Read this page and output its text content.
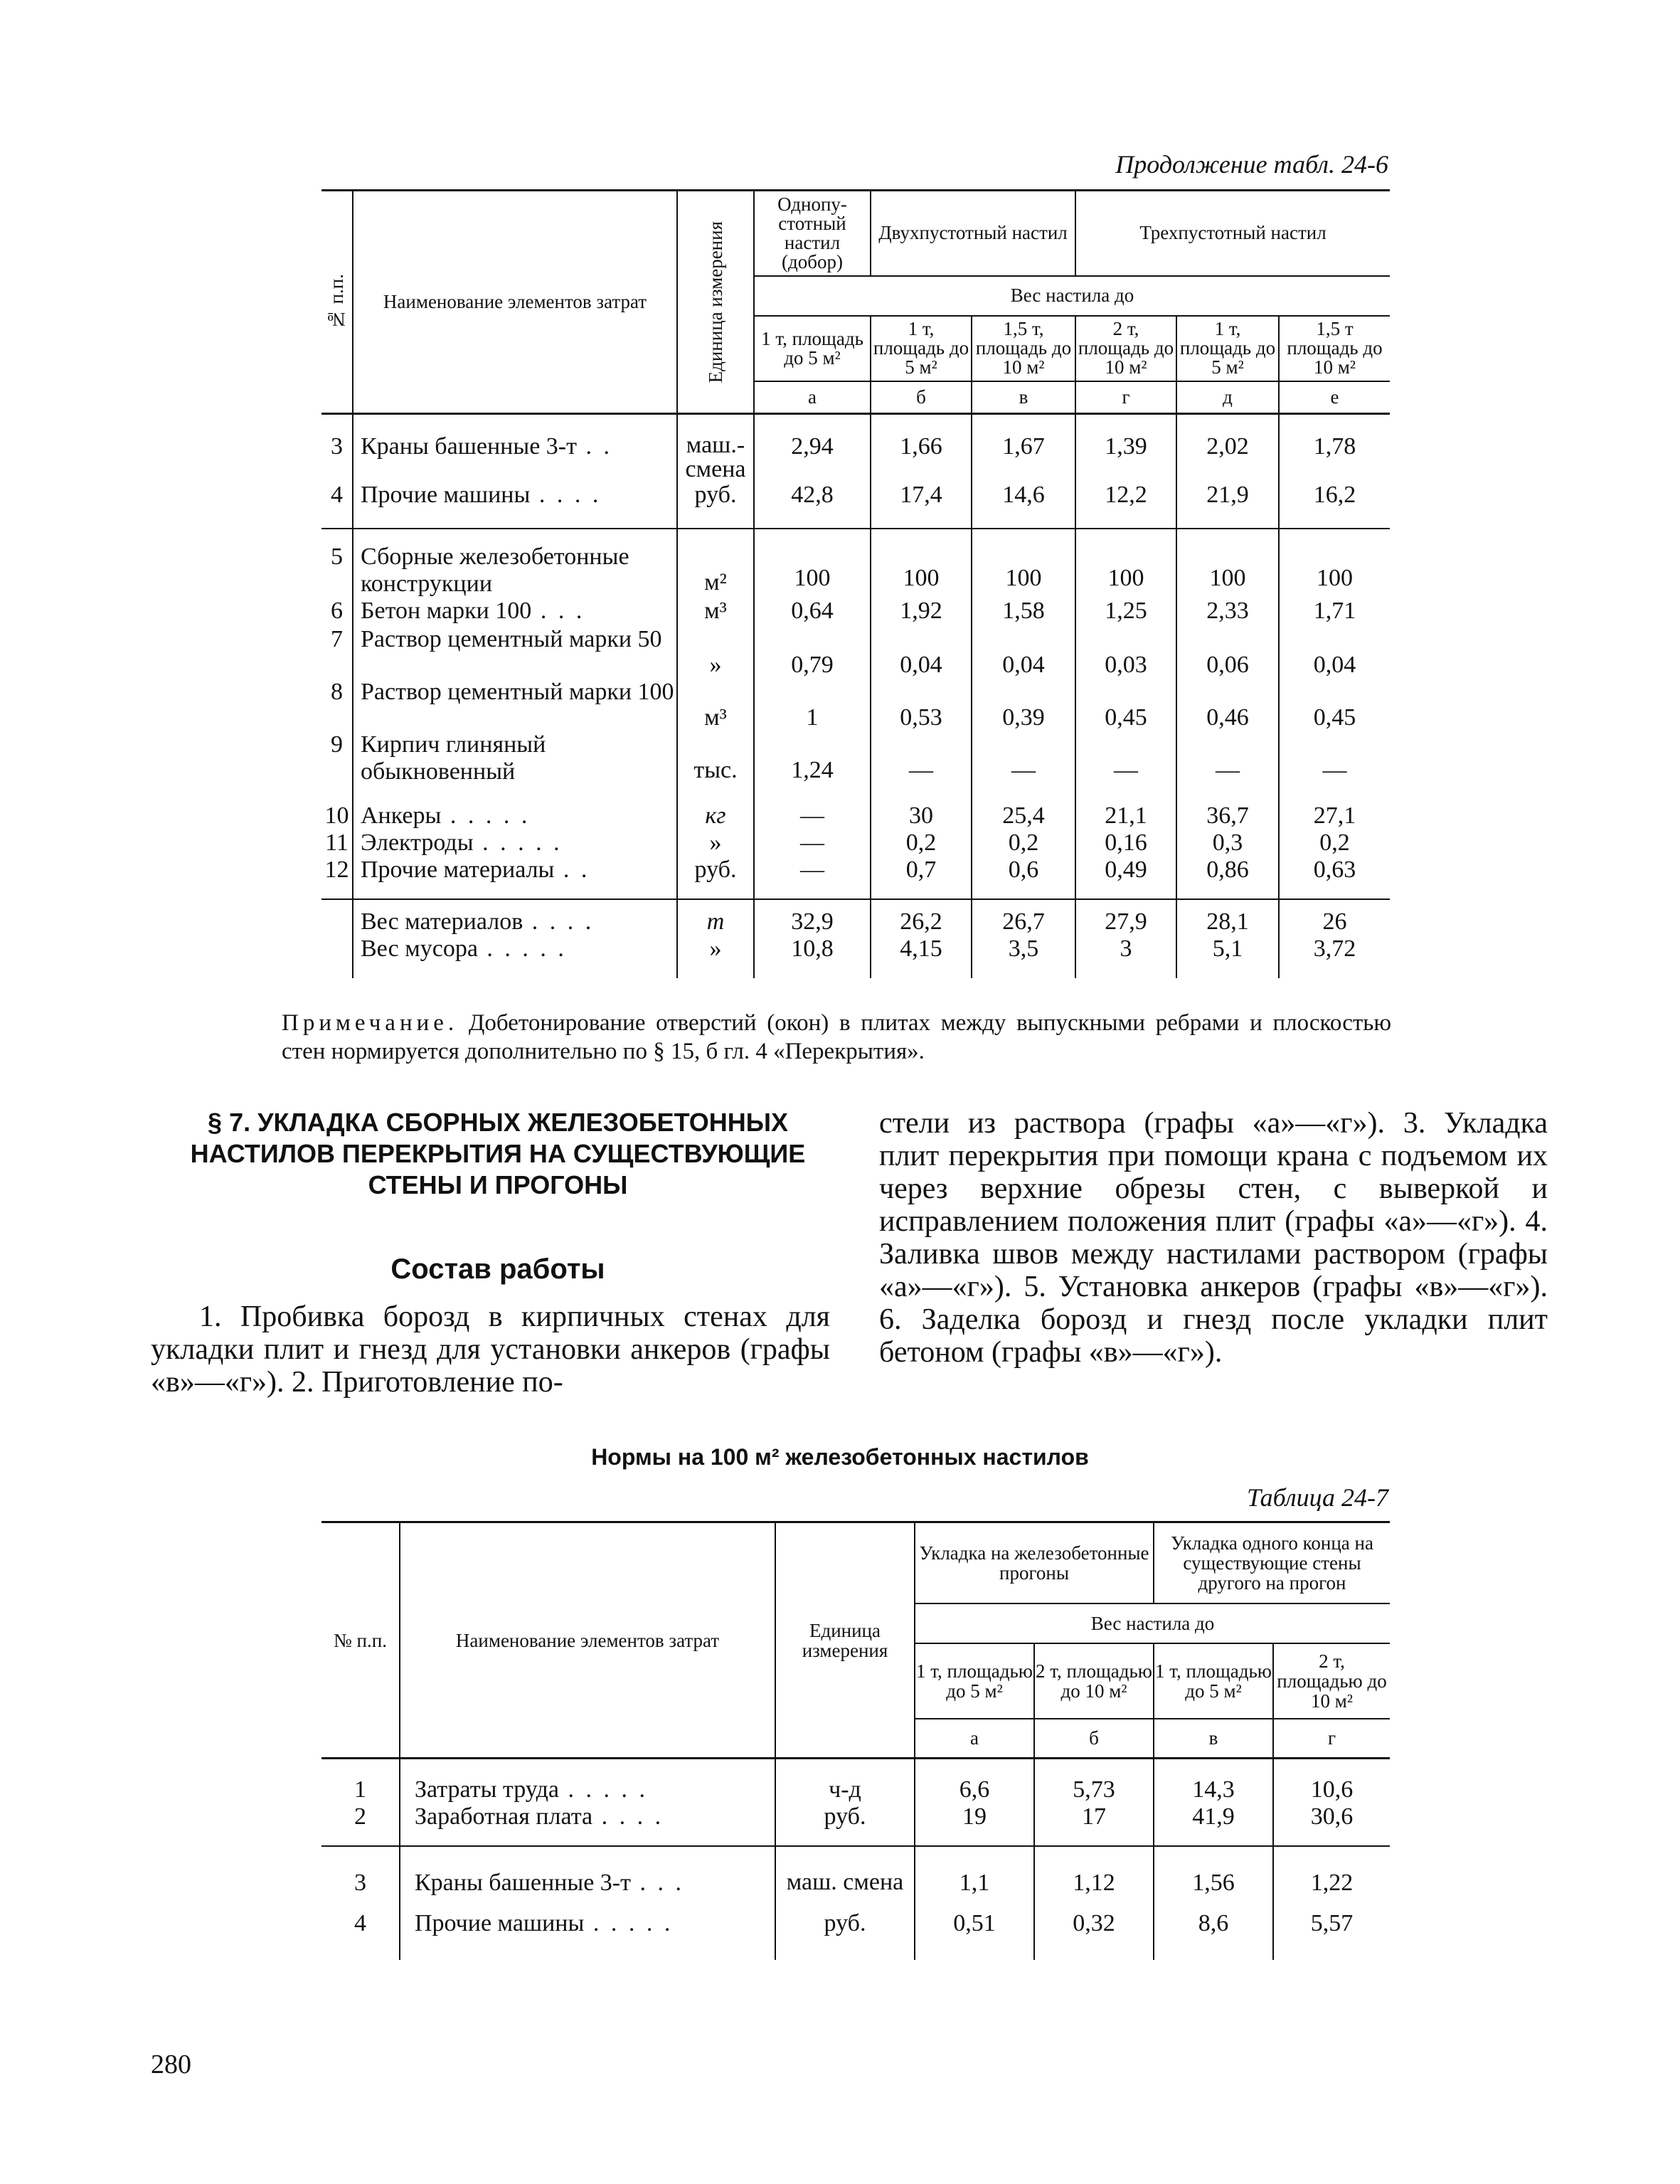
Продолжение табл. 24-6
№ п.п.	Наименование элементов затрат	Единица измерения	Однопу-стотный настил (добор)	Двухпустотный настил		Трехпустотный настил		
			Вес настила до					
			1 т, площадь до 5 м²	1 т, площадь до 5 м²	1,5 т, площадь до 10 м²	2 т, площадь до 10 м²	1 т, площадь до 5 м²	1,5 т площадь до 10 м²
			а	б	в	г	д	е
3	Краны башенные 3-т . .	маш.-смена	2,94	1,66	1,67	1,39	2,02	1,78
4	Прочие машины . . . .	руб.	42,8	17,4	14,6	12,2	21,9	16,2
5	Сборные железобетонные конструкции	м²	100	100	100	100	100	100
6	Бетон марки 100 . . .	м³	0,64	1,92	1,58	1,25	2,33	1,71
7	Раствор цементный марки 50	»	0,79	0,04	0,04	0,03	0,06	0,04
8	Раствор цементный марки 100	м³	1	0,53	0,39	0,45	0,46	0,45
9	Кирпич глиняный обыкновенный	тыс.	1,24	—	—	—	—	—
10	Анкеры . . . . .	кг	—	30	25,4	21,1	36,7	27,1
11	Электроды . . . . .	»	—	0,2	0,2	0,16	0,3	0,2
12	Прочие материалы . .	руб.	—	0,7	0,6	0,49	0,86	0,63
	Вес материалов . . . .	т	32,9	26,2	26,7	27,9	28,1	26
	Вес мусора . . . . .	»	10,8	4,15	3,5	3	5,1	3,72
Примечание. Добетонирование отверстий (окон) в плитах между выпускными ребрами и плоскостью стен нормируется дополнительно по § 15, б гл. 4 «Перекрытия».
§ 7. УКЛАДКА СБОРНЫХ ЖЕЛЕЗОБЕТОННЫХ НАСТИЛОВ ПЕРЕКРЫТИЯ НА СУЩЕСТВУЮЩИЕ СТЕНЫ И ПРОГОНЫ
Состав работы
1. Пробивка борозд в кирпичных стенах для укладки плит и гнезд для установки анкеров (графы «в»—«г»). 2. Приготовление по-
стели из раствора (графы «а»—«г»). 3. Укладка плит перекрытия при помощи крана с подъемом их через верхние обрезы стен, с выверкой и исправлением положения плит (графы «а»—«г»). 4. Заливка швов между настилами раствором (графы «а»—«г»). 5. Установка анкеров (графы «в»—«г»). 6. Заделка борозд и гнезд после укладки плит бетоном (графы «в»—«г»).
Нормы на 100 м² железобетонных настилов
Таблица 24-7
№ п.п.	Наименование элементов затрат	Единица измерения	Укладка на железобетонные прогоны		Укладка одного конца на существующие стены другого на прогон	
			Вес настила до			
			1 т, площадью до 5 м²	2 т, площадью до 10 м²	1 т, площадью до 5 м²	2 т, площадью до 10 м²
			а	б	в	г
1	Затраты труда . . . . .	ч-д	6,6	5,73	14,3	10,6
2	Заработная плата . . . .	руб.	19	17	41,9	30,6
3	Краны башенные 3-т . . .	маш. смена	1,1	1,12	1,56	1,22
4	Прочие машины . . . . .	руб.	0,51	0,32	8,6	5,57
280
